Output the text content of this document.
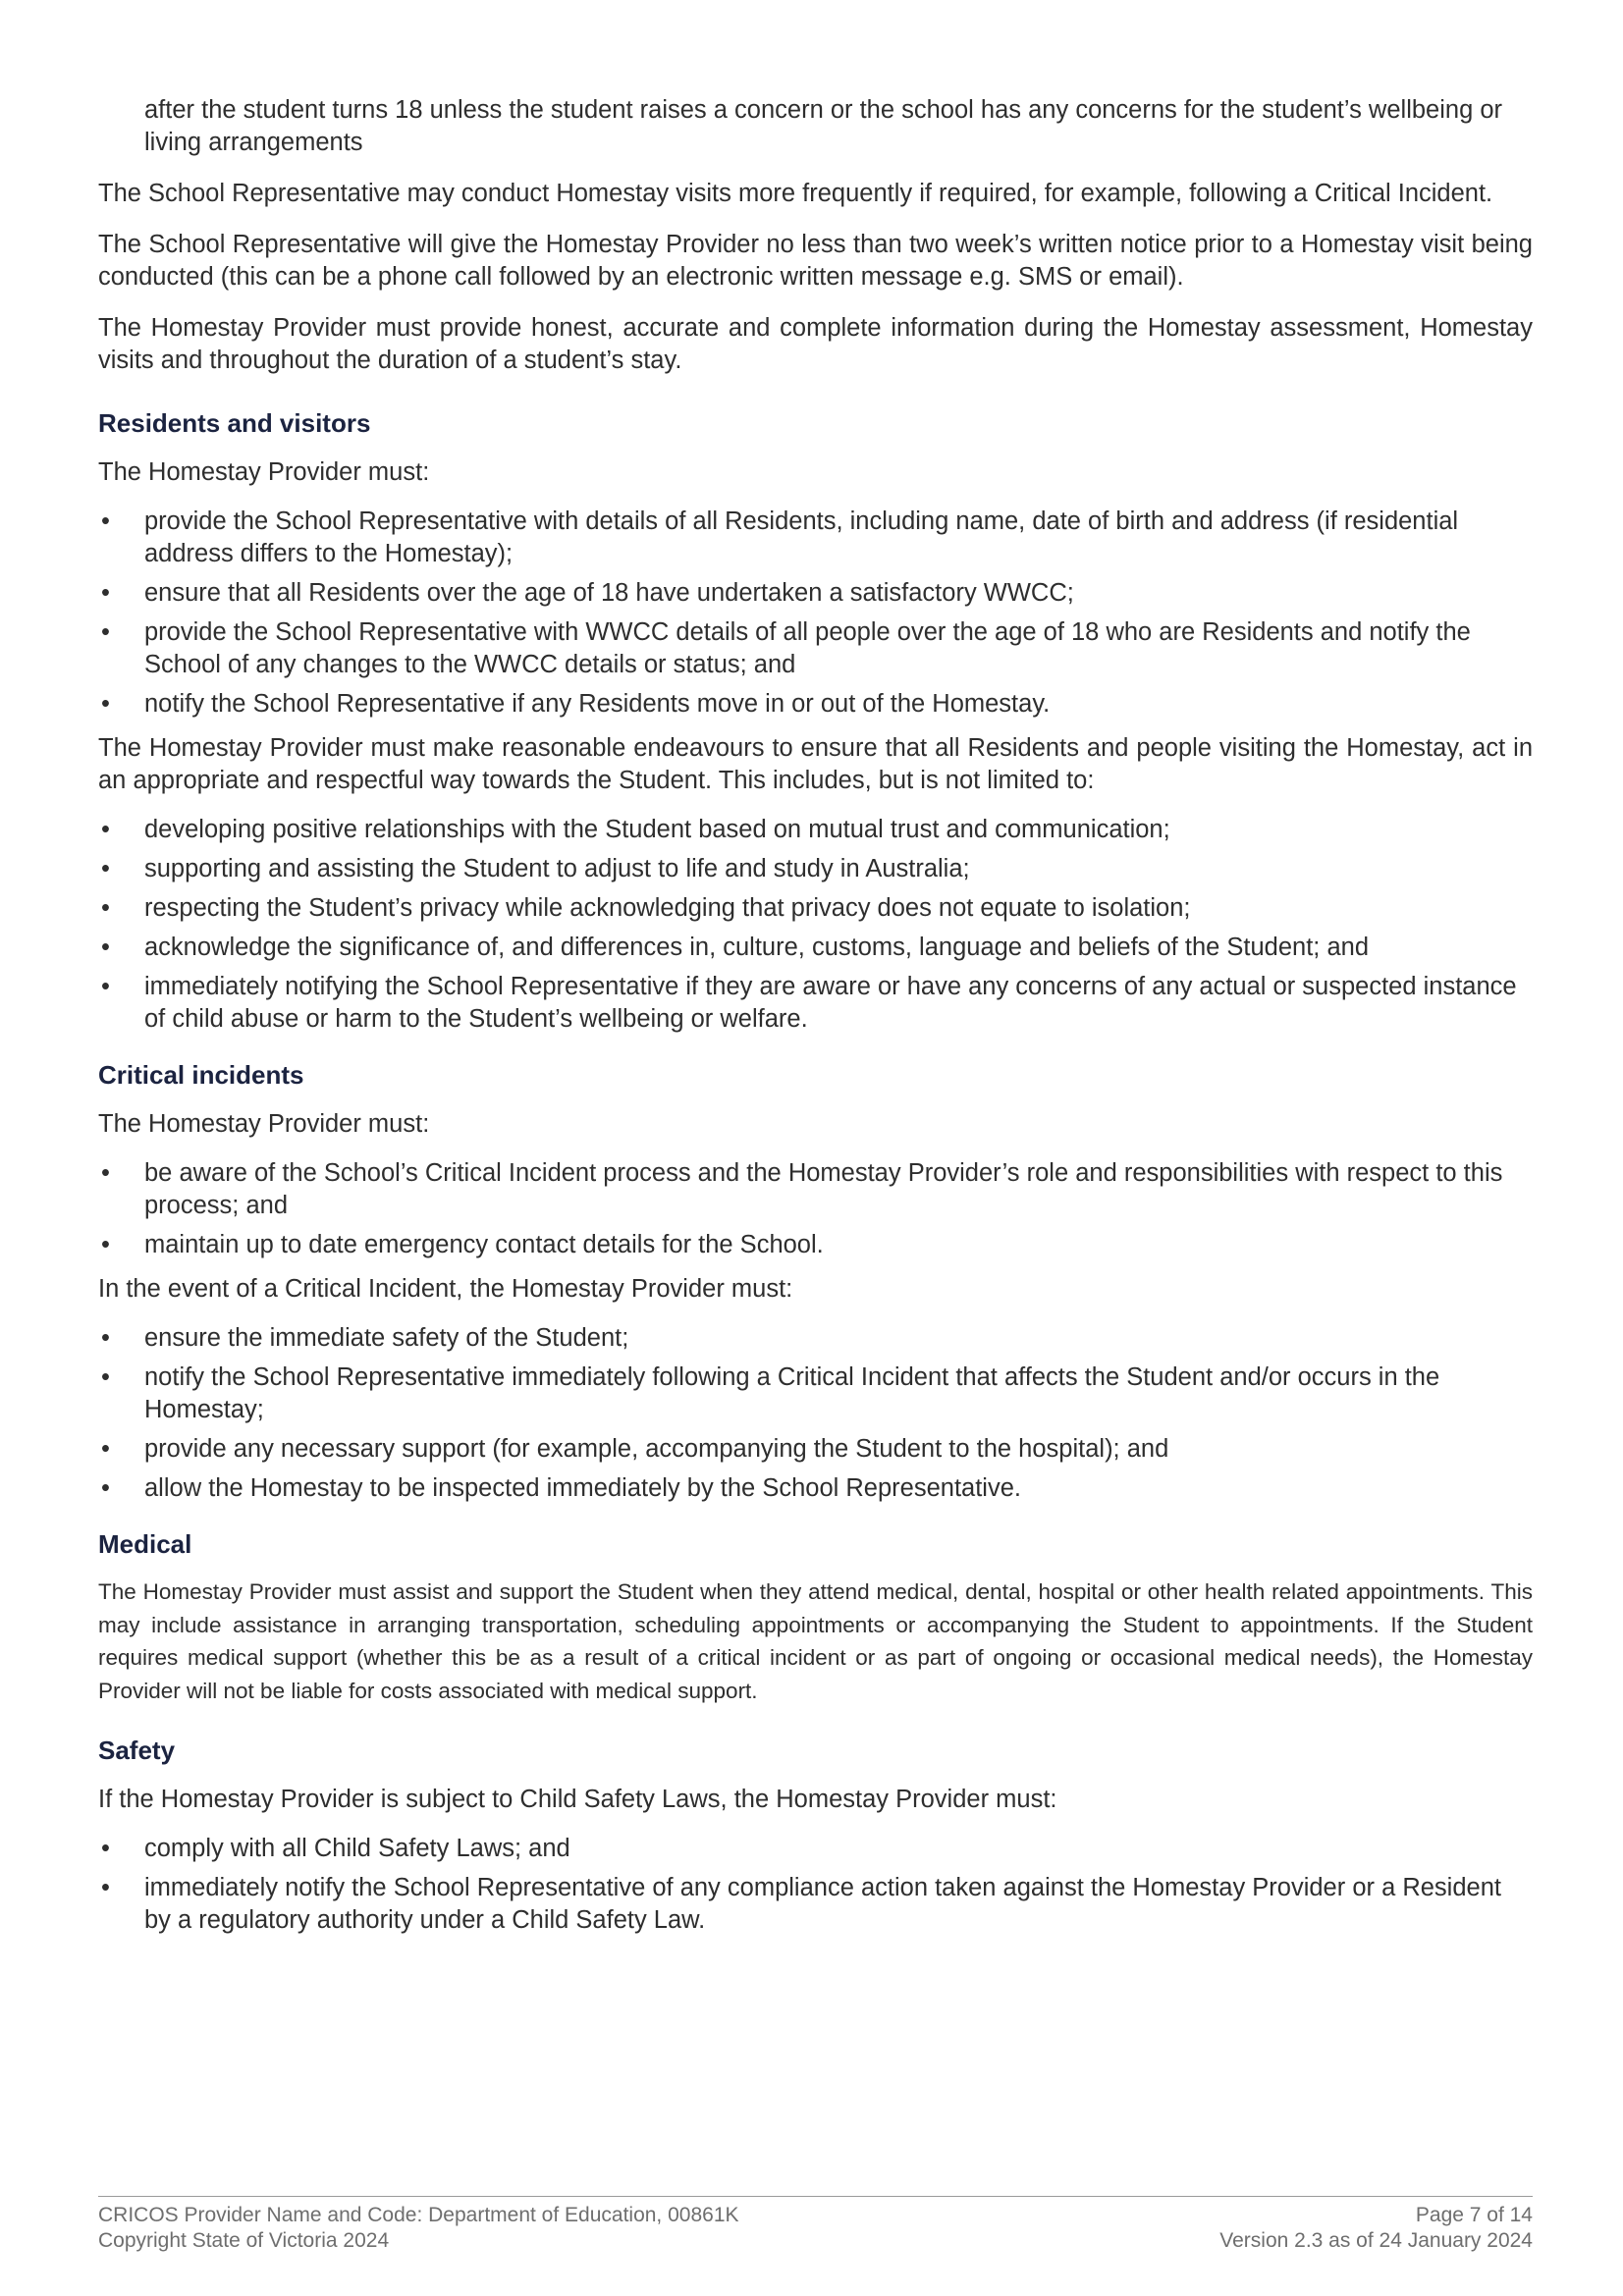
after the student turns 18 unless the student raises a concern or the school has any concerns for the student’s wellbeing or living arrangements

The School Representative may conduct Homestay visits more frequently if required, for example, following a Critical Incident.

The School Representative will give the Homestay Provider no less than two week’s written notice prior to a Homestay visit being conducted (this can be a phone call followed by an electronic written message e.g. SMS or email).

The Homestay Provider must provide honest, accurate and complete information during the Homestay assessment, Homestay visits and throughout the duration of a student’s stay.

Residents and visitors

The Homestay Provider must:

•	provide the School Representative with details of all Residents, including name, date of birth and address (if residential address differs to the Homestay);
•	ensure that all Residents over the age of 18 have undertaken a satisfactory WWCC;
•	provide the School Representative with WWCC details of all people over the age of 18 who are Residents and notify the School of any changes to the WWCC details or status; and
•	notify the School Representative if any Residents move in or out of the Homestay.

The Homestay Provider must make reasonable endeavours to ensure that all Residents and people visiting the Homestay, act in an appropriate and respectful way towards the Student. This includes, but is not limited to:

•	developing positive relationships with the Student based on mutual trust and communication;
•	supporting and assisting the Student to adjust to life and study in Australia;
•	respecting the Student’s privacy while acknowledging that privacy does not equate to isolation;
•	acknowledge the significance of, and differences in, culture, customs, language and beliefs of the Student; and
•	immediately notifying the School Representative if they are aware or have any concerns of any actual or suspected instance of child abuse or harm to the Student’s wellbeing or welfare.
Critical incidents

The Homestay Provider must:

•	be aware of the School’s Critical Incident process and the Homestay Provider’s role and responsibilities with respect to this process; and
•	maintain up to date emergency contact details for the School.

In the event of a Critical Incident, the Homestay Provider must:

•	ensure the immediate safety of the Student;
•	notify the School Representative immediately following a Critical Incident that affects the Student and/or occurs in the Homestay;
•	provide any necessary support (for example, accompanying the Student to the hospital); and
•	allow the Homestay to be inspected immediately by the School Representative.
Medical

The Homestay Provider must assist and support the Student when they attend medical, dental, hospital or other health related appointments. This may include assistance in arranging transportation, scheduling appointments or accompanying the Student to appointments. If the Student requires medical support (whether this be as a result of a critical incident or as part of ongoing or occasional medical needs), the Homestay Provider will not be liable for costs associated with medical support.

Safety

If the Homestay Provider is subject to Child Safety Laws, the Homestay Provider must:

•	comply with all Child Safety Laws; and
•	immediately notify the School Representative of any compliance action taken against the Homestay Provider or a Resident by a regulatory authority under a Child Safety Law.
CRICOS Provider Name and Code: Department of Education, 00861K
Copyright State of Victoria 2024
Page 7 of 14
Version 2.3 as of 24 January 2024
